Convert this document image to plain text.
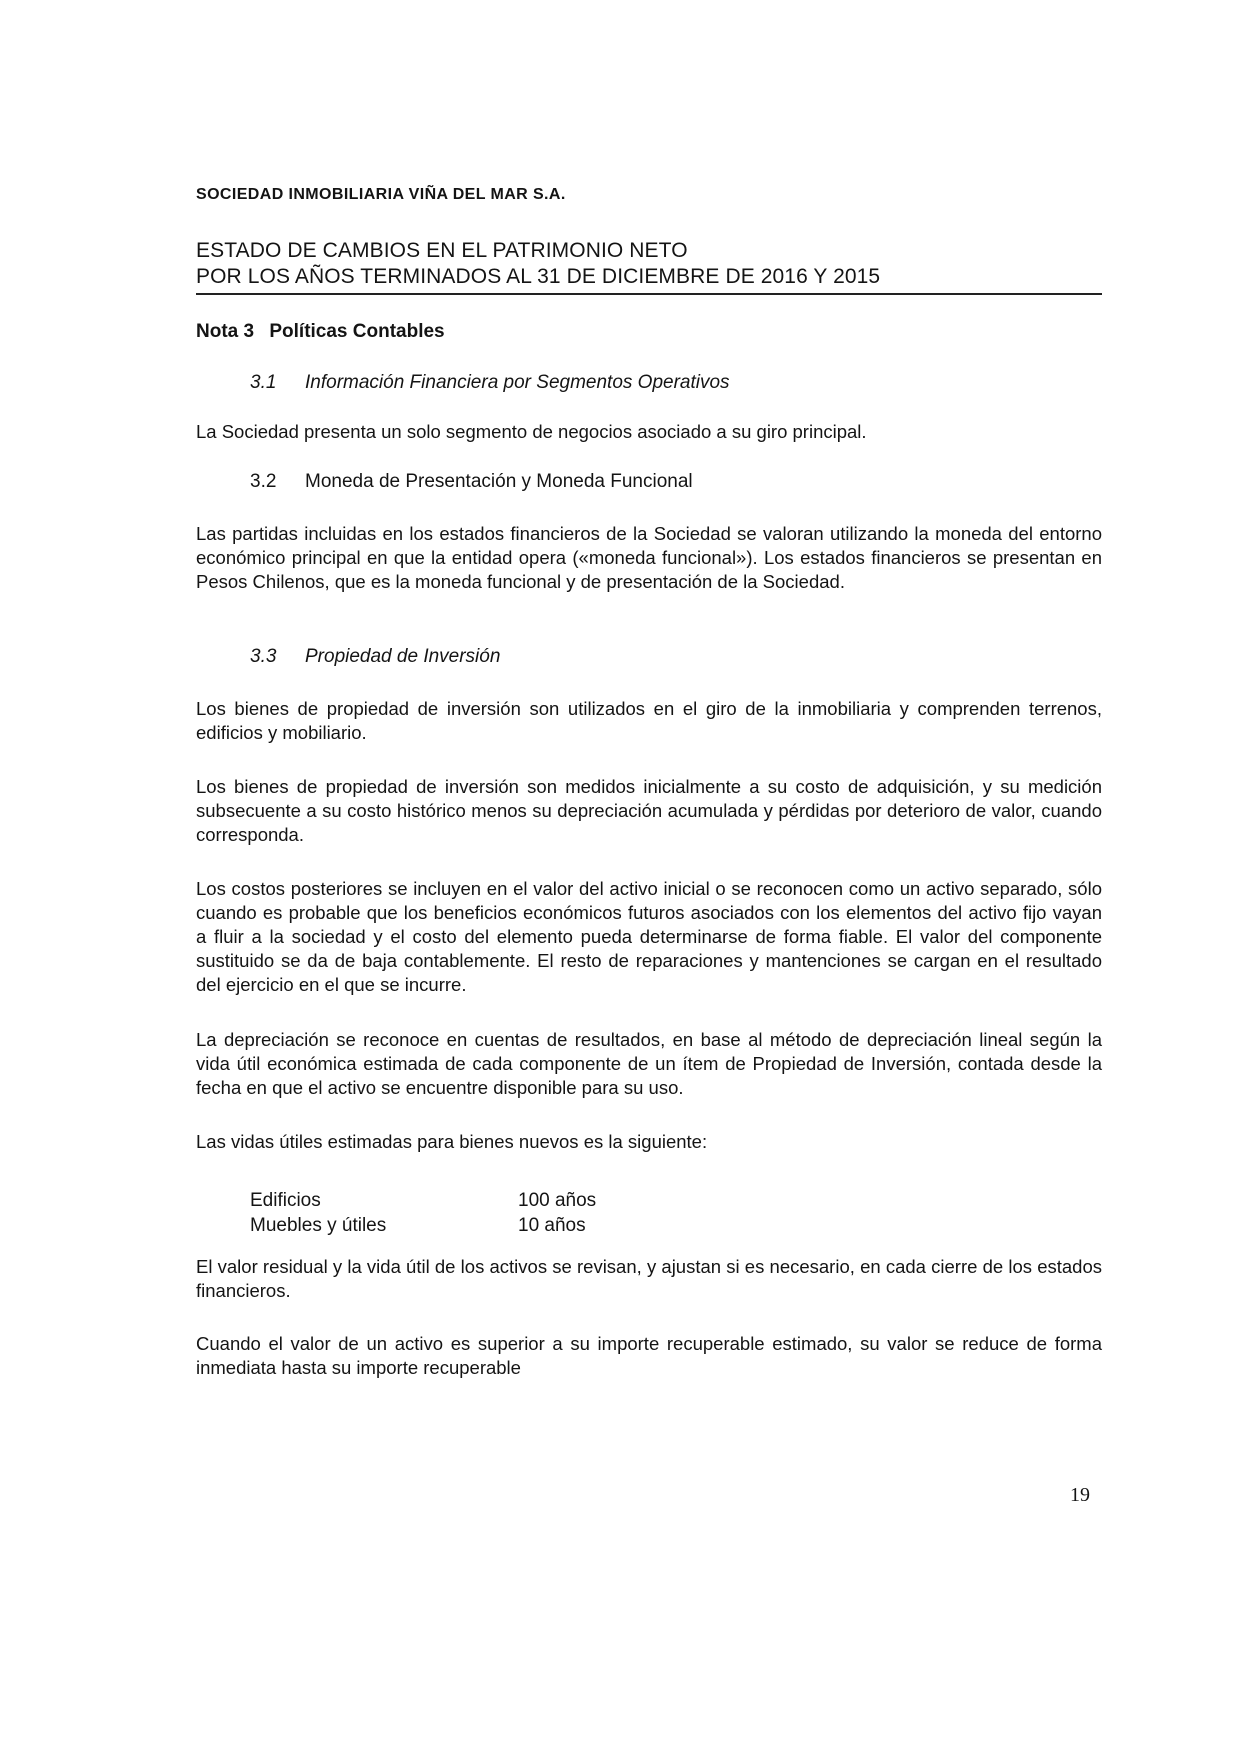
SOCIEDAD INMOBILIARIA VIÑA DEL MAR S.A.
ESTADO DE CAMBIOS EN EL PATRIMONIO NETO
POR LOS AÑOS TERMINADOS AL 31 DE DICIEMBRE DE 2016 Y 2015
Nota 3 Políticas Contables
3.1 Información Financiera por Segmentos Operativos
La Sociedad presenta un solo segmento de negocios asociado a su giro principal.
3.2 Moneda de Presentación y Moneda Funcional
Las partidas incluidas en los estados financieros de la Sociedad se valoran utilizando la moneda del entorno económico principal en que la entidad opera («moneda funcional»). Los estados financieros se presentan en Pesos Chilenos, que es la moneda funcional y de presentación de la Sociedad.
3.3 Propiedad de Inversión
Los bienes de propiedad de inversión son utilizados en el giro de la inmobiliaria y comprenden terrenos, edificios y mobiliario.
Los bienes de propiedad de inversión son medidos inicialmente a su costo de adquisición, y su medición subsecuente a su costo histórico menos su depreciación acumulada y pérdidas por deterioro de valor, cuando corresponda.
Los costos posteriores se incluyen en el valor del activo inicial o se reconocen como un activo separado, sólo cuando es probable que los beneficios económicos futuros asociados con los elementos del activo fijo vayan a fluir a la sociedad y el costo del elemento pueda determinarse de forma fiable. El valor del componente sustituido se da de baja contablemente. El resto de reparaciones y mantenciones se cargan en el resultado del ejercicio en el que se incurre.
La depreciación se reconoce en cuentas de resultados, en base al método de depreciación lineal según la vida útil económica estimada de cada componente de un ítem de Propiedad de Inversión, contada desde la fecha en que el activo se encuentre disponible para su uso.
Las vidas útiles estimadas para bienes nuevos es la siguiente:
Edificios	100 años
Muebles y útiles	10 años
El valor residual y la vida útil de los activos se revisan, y ajustan si es necesario, en cada cierre de los estados financieros.
Cuando el valor de un activo es superior a su importe recuperable estimado, su valor se reduce de forma inmediata hasta su importe recuperable
19
